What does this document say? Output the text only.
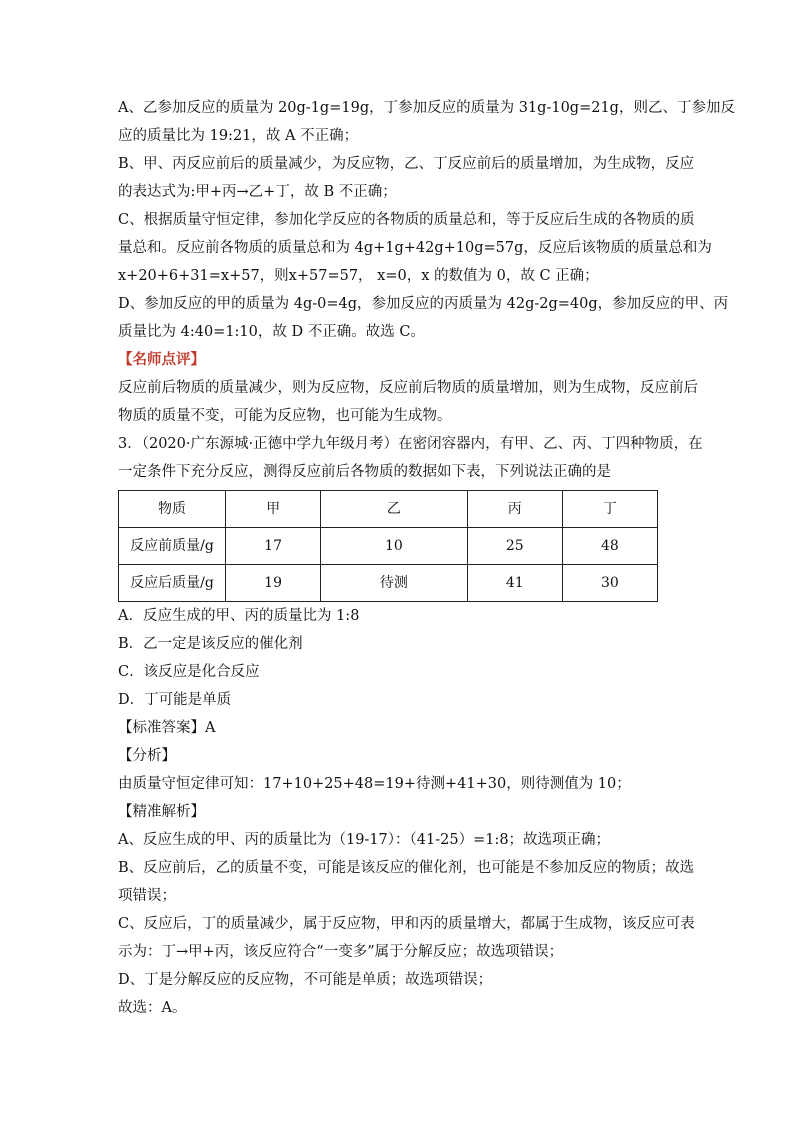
A、乙参加反应的质量为 20g-1g=19g，丁参加反应的质量为 31g-10g=21g，则乙、丁参加反

应的质量比为 19:21，故 A 不正确；

B、甲、丙反应前后的质量减少，为反应物，乙、丁反应前后的质量增加，为生成物，反应

的表达式为:甲+丙→乙+丁，故 B 不正确；

C、根据质量守恒定律，参加化学反应的各物质的质量总和，等于反应后生成的各物质的质

量总和。反应前各物质的质量总和为 4g+1g+42g+10g=57g，反应后该物质的质量总和为

x+20+6+31=x+57，则x+57=57， x=0，x 的数值为 0，故 C 正确；

D、参加反应的甲的质量为 4g-0=4g，参加反应的丙质量为 42g-2g=40g，参加反应的甲、丙

质量比为 4:40=1:10，故 D 不正确。故选 C。

【名师点评】

反应前后物质的质量减少，则为反应物，反应前后物质的质量增加，则为生成物，反应前后

物质的质量不变，可能为反应物，也可能为生成物。

3．（2020·广东源城·正德中学九年级月考）在密闭容器内，有甲、乙、丙、丁四种物质，在

一定条件下充分反应，测得反应前后各物质的数据如下表，下列说法正确的是

物质	甲	乙	丙	丁
反应前质量/g	17	10	25	48
反应后质量/g	19	待测	41	30

A．反应生成的甲、丙的质量比为 1:8

B．乙一定是该反应的催化剂

C．该反应是化合反应

D．丁可能是单质

【标准答案】A

【分析】

由质量守恒定律可知：17+10+25+48=19+待测+41+30，则待测值为 10；

【精准解析】

A、反应生成的甲、丙的质量比为（19-17）：（41-25）=1:8；故选项正确；

B、反应前后，乙的质量不变，可能是该反应的催化剂，也可能是不参加反应的物质；故选

项错误；

C、反应后，丁的质量减少，属于反应物，甲和丙的质量增大，都属于生成物，该反应可表

示为：丁→甲+丙，该反应符合“一变多”属于分解反应；故选项错误；

D、丁是分解反应的反应物，不可能是单质；故选项错误；

故选：A。
